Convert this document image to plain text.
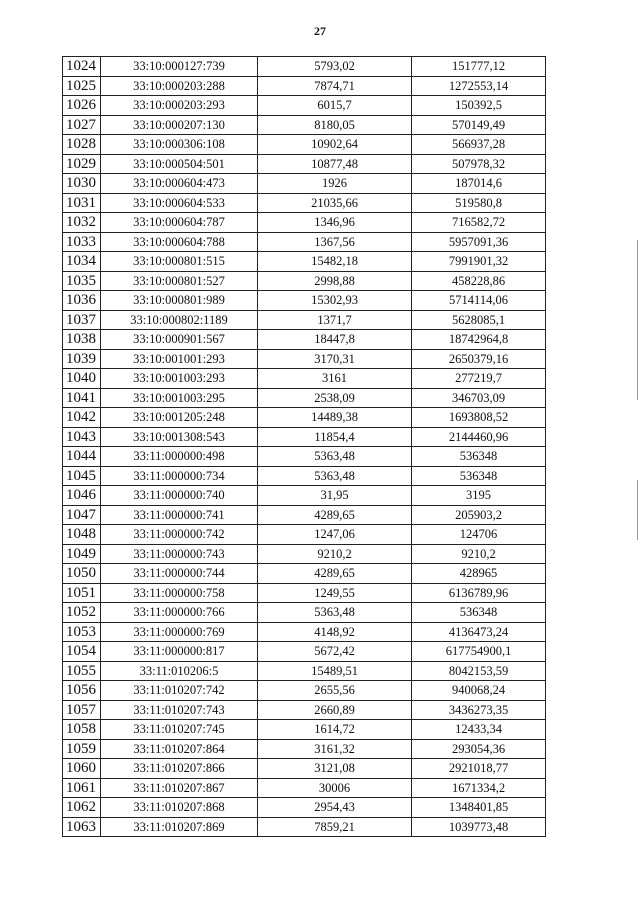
27
1024	33:10:000127:739	5793,02	151777,12
1025	33:10:000203:288	7874,71	1272553,14
1026	33:10:000203:293	6015,7	150392,5
1027	33:10:000207:130	8180,05	570149,49
1028	33:10:000306:108	10902,64	566937,28
1029	33:10:000504:501	10877,48	507978,32
1030	33:10:000604:473	1926	187014,6
1031	33:10:000604:533	21035,66	519580,8
1032	33:10:000604:787	1346,96	716582,72
1033	33:10:000604:788	1367,56	5957091,36
1034	33:10:000801:515	15482,18	7991901,32
1035	33:10:000801:527	2998,88	458228,86
1036	33:10:000801:989	15302,93	5714114,06
1037	33:10:000802:1189	1371,7	5628085,1
1038	33:10:000901:567	18447,8	18742964,8
1039	33:10:001001:293	3170,31	2650379,16
1040	33:10:001003:293	3161	277219,7
1041	33:10:001003:295	2538,09	346703,09
1042	33:10:001205:248	14489,38	1693808,52
1043	33:10:001308:543	11854,4	2144460,96
1044	33:11:000000:498	5363,48	536348
1045	33:11:000000:734	5363,48	536348
1046	33:11:000000:740	31,95	3195
1047	33:11:000000:741	4289,65	205903,2
1048	33:11:000000:742	1247,06	124706
1049	33:11:000000:743	9210,2	9210,2
1050	33:11:000000:744	4289,65	428965
1051	33:11:000000:758	1249,55	6136789,96
1052	33:11:000000:766	5363,48	536348
1053	33:11:000000:769	4148,92	4136473,24
1054	33:11:000000:817	5672,42	617754900,1
1055	33:11:010206:5	15489,51	8042153,59
1056	33:11:010207:742	2655,56	940068,24
1057	33:11:010207:743	2660,89	3436273,35
1058	33:11:010207:745	1614,72	12433,34
1059	33:11:010207:864	3161,32	293054,36
1060	33:11:010207:866	3121,08	2921018,77
1061	33:11:010207:867	30006	1671334,2
1062	33:11:010207:868	2954,43	1348401,85
1063	33:11:010207:869	7859,21	1039773,48
